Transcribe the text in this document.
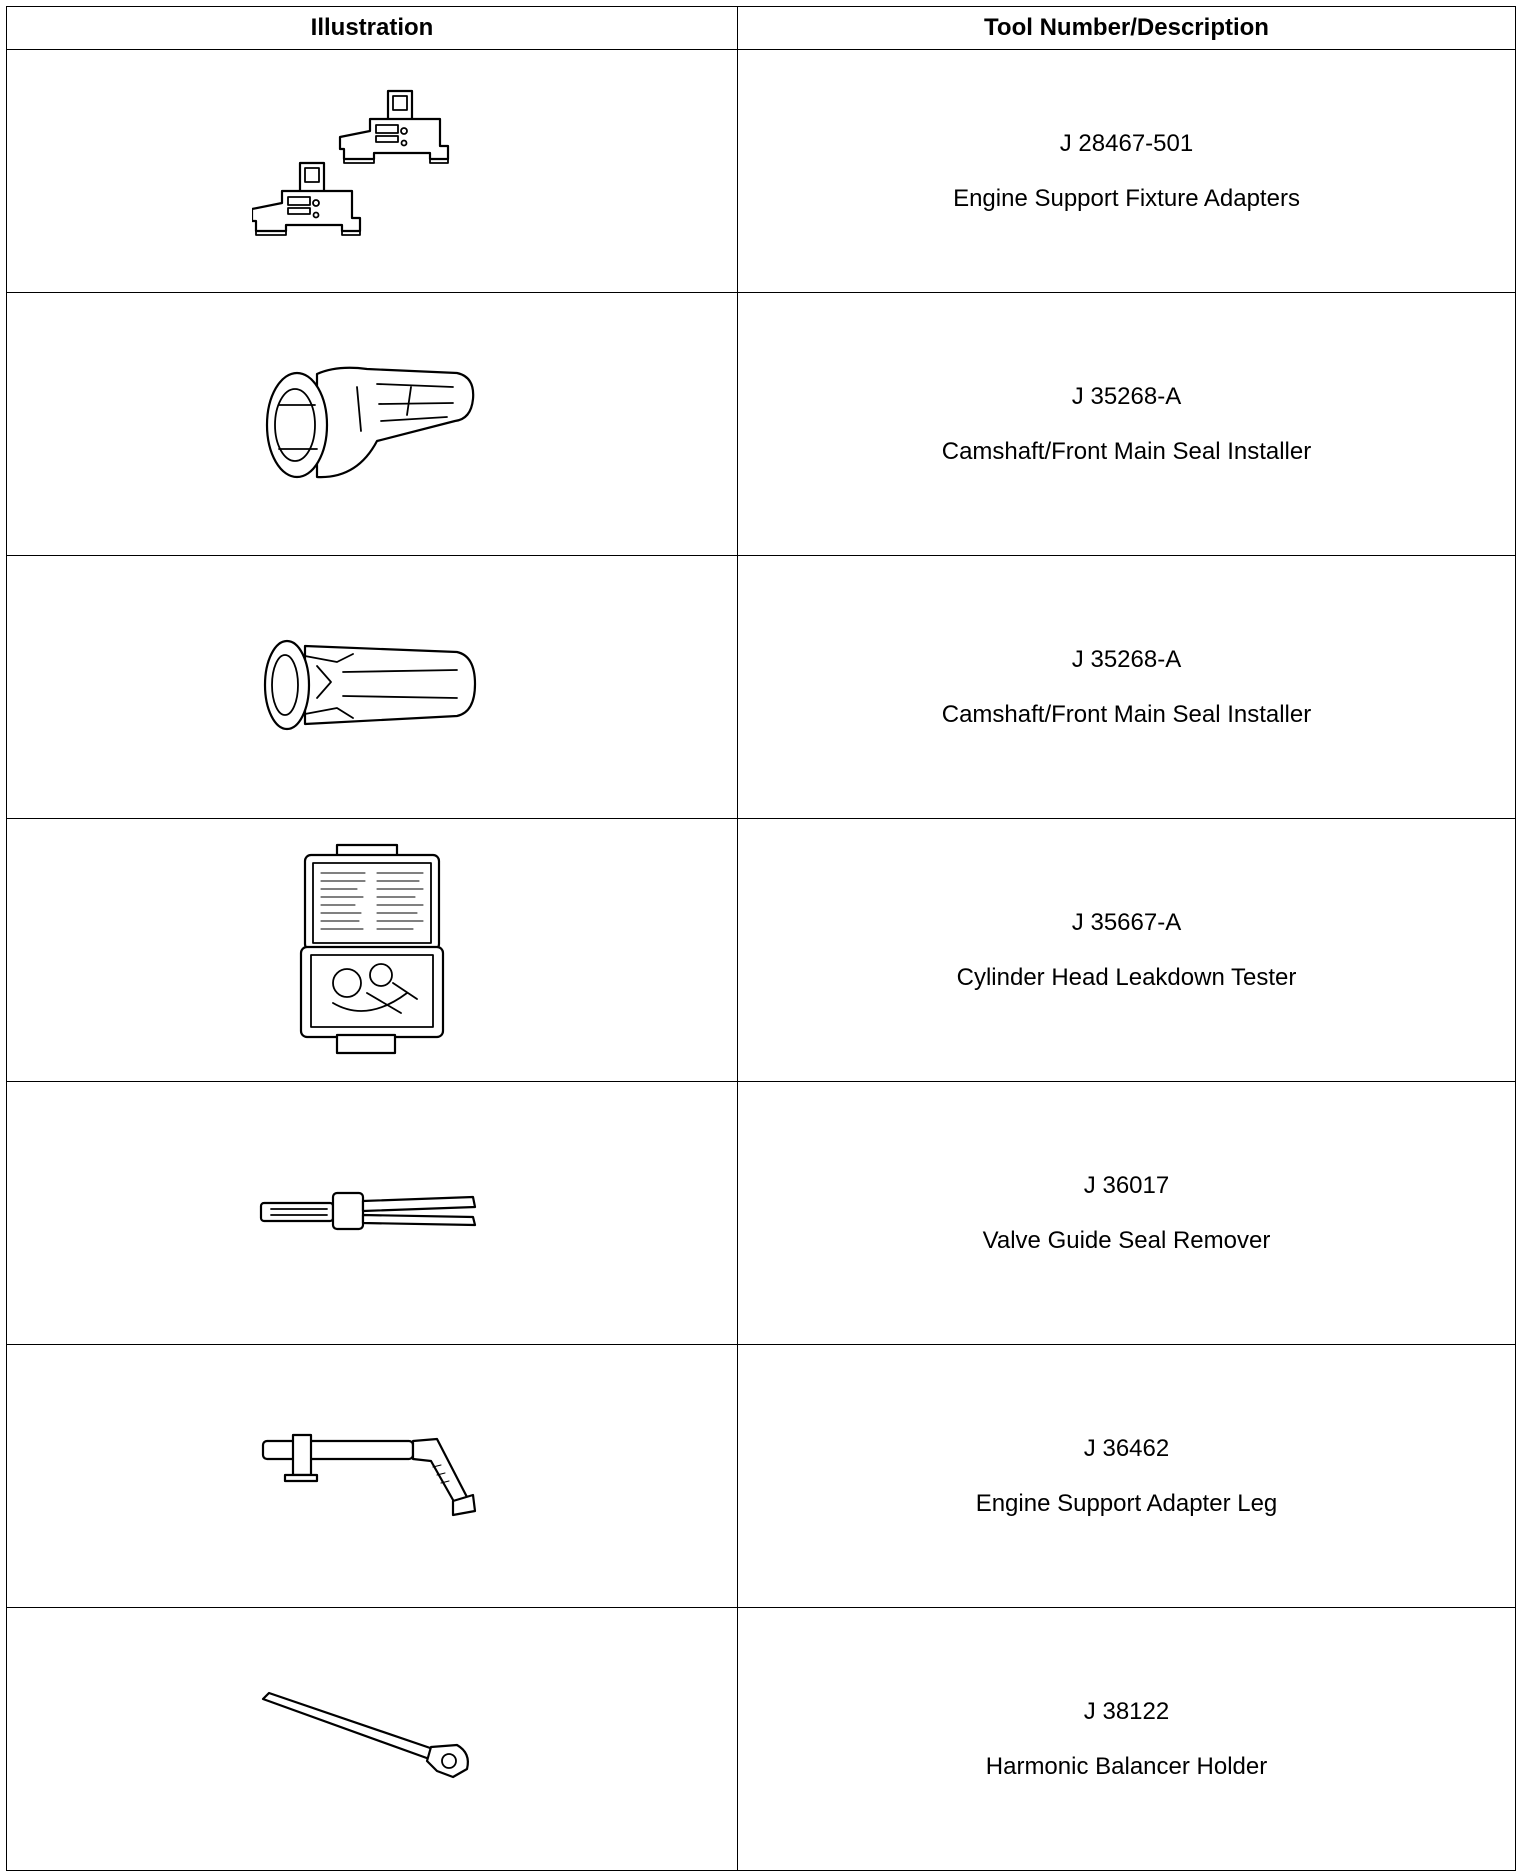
Illustration	Tool Number/Description

J 28467-501
Engine Support Fixture Adapters

J 35268-A
Camshaft/Front Main Seal Installer

J 35268-A
Camshaft/Front Main Seal Installer

J 35667-A
Cylinder Head Leakdown Tester

J 36017
Valve Guide Seal Remover

J 36462
Engine Support Adapter Leg

J 38122
Harmonic Balancer Holder
